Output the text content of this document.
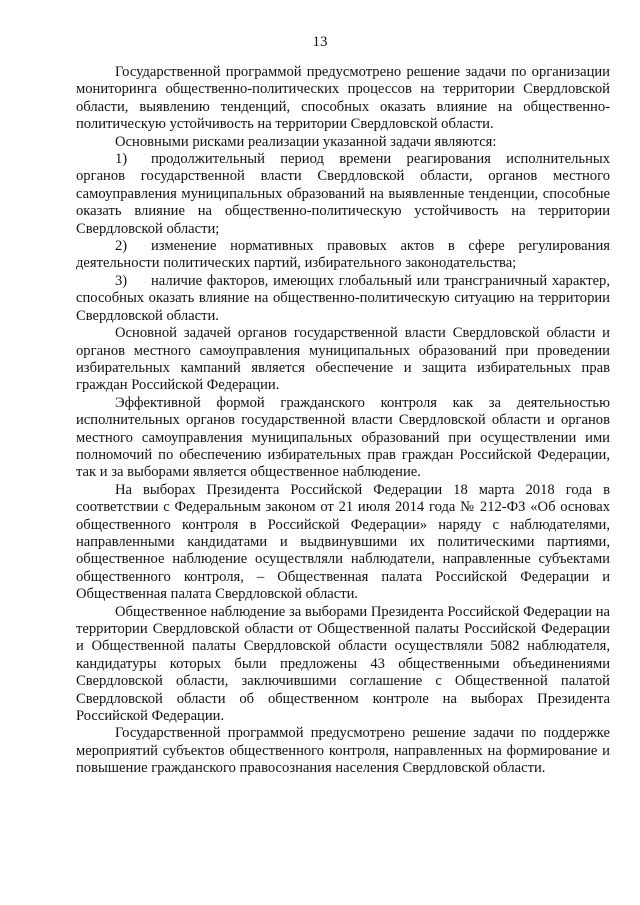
13

Государственной программой предусмотрено решение задачи по организации мониторинга общественно-политических процессов на территории Свердловской области, выявлению тенденций, способных оказать влияние на общественно-политическую устойчивость на территории Свердловской области.

Основными рисками реализации указанной задачи являются:

1) продолжительный период времени реагирования исполнительных органов государственной власти Свердловской области, органов местного самоуправления муниципальных образований на выявленные тенденции, способные оказать влияние на общественно-политическую устойчивость на территории Свердловской области;

2) изменение нормативных правовых актов в сфере регулирования деятельности политических партий, избирательного законодательства;

3) наличие факторов, имеющих глобальный или трансграничный характер, способных оказать влияние на общественно-политическую ситуацию на территории Свердловской области.

Основной задачей органов государственной власти Свердловской области и органов местного самоуправления муниципальных образований при проведении избирательных кампаний является обеспечение и защита избирательных прав граждан Российской Федерации.

Эффективной формой гражданского контроля как за деятельностью исполнительных органов государственной власти Свердловской области и органов местного самоуправления муниципальных образований при осуществлении ими полномочий по обеспечению избирательных прав граждан Российской Федерации, так и за выборами является общественное наблюдение.

На выборах Президента Российской Федерации 18 марта 2018 года в соответствии с Федеральным законом от 21 июля 2014 года № 212-ФЗ «Об основах общественного контроля в Российской Федерации» наряду с наблюдателями, направленными кандидатами и выдвинувшими их политическими партиями, общественное наблюдение осуществляли наблюдатели, направленные субъектами общественного контроля, – Общественная палата Российской Федерации и Общественная палата Свердловской области.

Общественное наблюдение за выборами Президента Российской Федерации на территории Свердловской области от Общественной палаты Российской Федерации и Общественной палаты Свердловской области осуществляли 5082 наблюдателя, кандидатуры которых были предложены 43 общественными объединениями Свердловской области, заключившими соглашение с Общественной палатой Свердловской области об общественном контроле на выборах Президента Российской Федерации.

Государственной программой предусмотрено решение задачи по поддержке мероприятий субъектов общественного контроля, направленных на формирование и повышение гражданского правосознания населения Свердловской области.
